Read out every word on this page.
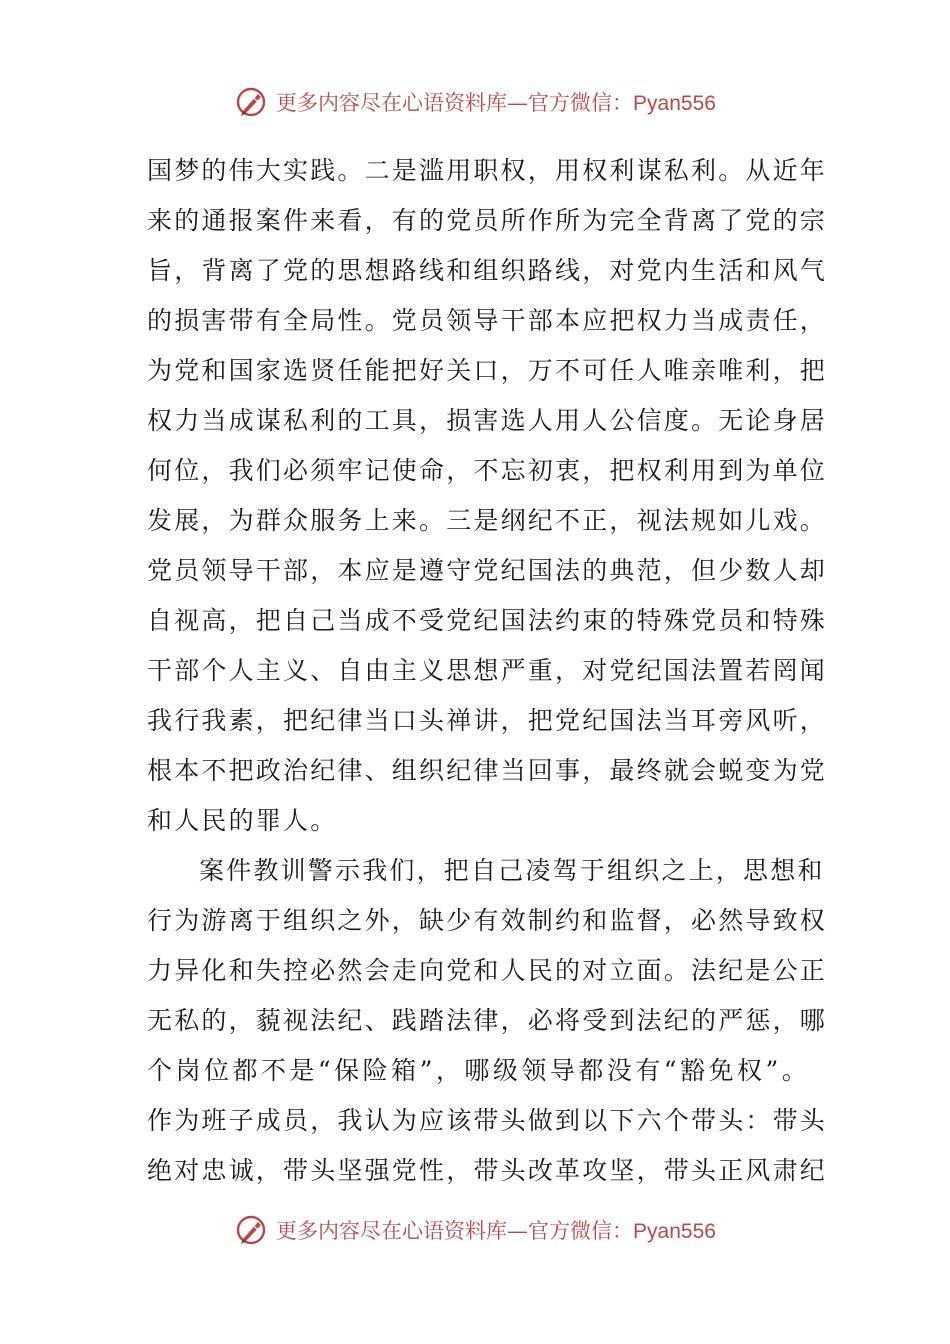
更多内容尽在心语资料库—官方微信：Pyan556
国梦的伟大实践。二是滥用职权，用权利谋私利。从近年
来的通报案件来看，有的党员所作所为完全背离了党的宗
旨，背离了党的思想路线和组织路线，对党内生活和风气
的损害带有全局性。党员领导干部本应把权力当成责任，
为党和国家选贤任能把好关口，万不可任人唯亲唯利，把
权力当成谋私利的工具，损害选人用人公信度。无论身居
何位，我们必须牢记使命，不忘初衷，把权利用到为单位
发展，为群众服务上来。三是纲纪不正，视法规如儿戏。
党员领导干部，本应是遵守党纪国法的典范，但少数人却
自视高，把自己当成不受党纪国法约束的特殊党员和特殊
干部个人主义、自由主义思想严重，对党纪国法置若罔闻
我行我素，把纪律当口头禅讲，把党纪国法当耳旁风听，
根本不把政治纪律、组织纪律当回事，最终就会蜕变为党
和人民的罪人。
案件教训警示我们，把自己凌驾于组织之上，思想和
行为游离于组织之外，缺少有效制约和监督，必然导致权
力异化和失控必然会走向党和人民的对立面。法纪是公正
无私的，藐视法纪、践踏法律，必将受到法纪的严惩，哪
个岗位都不是“保险箱”，哪级领导都没有“豁免权”。
作为班子成员，我认为应该带头做到以下六个带头：带头
绝对忠诚，带头坚强党性，带头改革攻坚，带头正风肃纪
更多内容尽在心语资料库—官方微信：Pyan556
